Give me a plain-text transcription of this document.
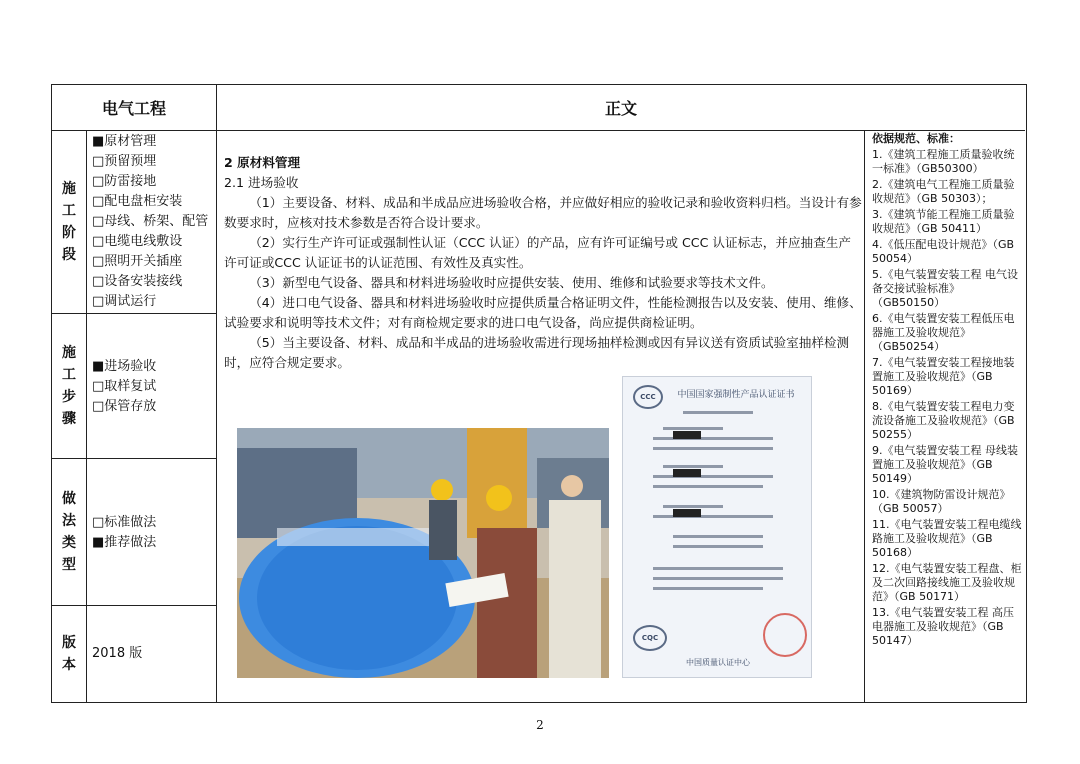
电气工程	正文
施工阶段
施工步骤
做法类型
版本
■原材管理
□预留预埋
□防雷接地
□配电盘柜安装
□母线、桥架、配管
□电缆电线敷设
□照明开关插座
□设备安装接线
□调试运行
■进场验收
□取样复试
□保管存放
□标准做法
■推荐做法
2018 版
2 原材料管理
2.1 进场验收
（1）主要设备、材料、成品和半成品应进场验收合格，并应做好相应的验收记录和验收资料归档。当设计有参数要求时，应核对技术参数是否符合设计要求。
（2）实行生产许可证或强制性认证（CCC 认证）的产品，应有许可证编号或 CCC 认证标志，并应抽查生产许可证或CCC 认证证书的认证范围、有效性及真实性。
（3）新型电气设备、器具和材料进场验收时应提供安装、使用、维修和试验要求等技术文件。
（4）进口电气设备、器具和材料进场验收时应提供质量合格证明文件，性能检测报告以及安装、使用、维修、试验要求和说明等技术文件；对有商检规定要求的进口电气设备，尚应提供商检证明。
（5）当主要设备、材料、成品和半成品的进场验收需进行现场抽样检测或因有异议送有资质试验室抽样检测时，应符合规定要求。
依据规范、标准：
1.《建筑工程施工质量验收统一标准》（GB50300）
2.《建筑电气工程施工质量验收规范》（GB 50303）；
3.《建筑节能工程施工质量验收规范》（GB 50411）
4.《低压配电设计规范》（GB 50054）
5.《电气装置安装工程 电气设备交接试验标准》（GB50150）
6.《电气装置安装工程低压电器施工及验收规范》（GB50254）
7.《电气装置安装工程接地装置施工及验收规范》（GB 50169）
8.《电气装置安装工程电力变流设备施工及验收规范》（GB 50255）
9.《电气装置安装工程 母线装置施工及验收规范》（GB 50149）
10.《建筑物防雷设计规范》（GB 50057）
11.《电气装置安装工程电缆线路施工及验收规范》（GB 50168）
12.《电气装置安装工程盘、柜及二次回路接线施工及验收规范》（GB 50171）
13.《电气装置安装工程 高压电器施工及验收规范》（GB 50147）
CCC	中国国家强制性产品认证证书
CQC
中国质量认证中心
2
